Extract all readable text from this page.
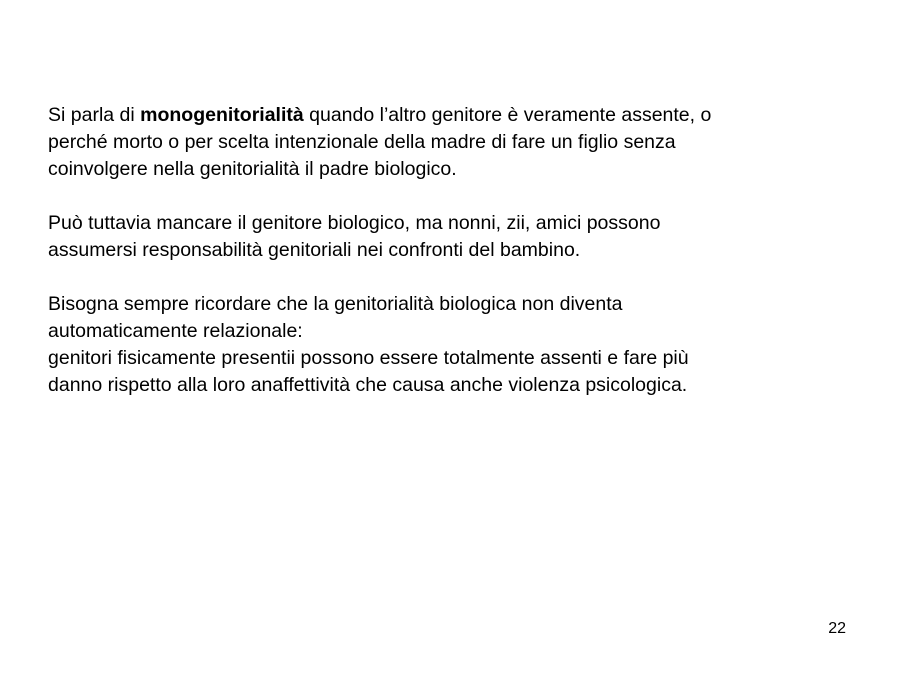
Si parla di monogenitorialità quando l’altro genitore è veramente assente, o
perché morto o per scelta intenzionale della madre di fare un figlio senza
coinvolgere nella genitorialità il padre biologico.

Può tuttavia mancare il genitore biologico, ma nonni, zii, amici possono
assumersi responsabilità genitoriali nei confronti del bambino.

Bisogna sempre ricordare che la genitorialità biologica non diventa
automaticamente relazionale:
genitori fisicamente presentii possono essere totalmente assenti e fare più
danno rispetto alla loro anaffettività che causa anche violenza psicologica.

22
